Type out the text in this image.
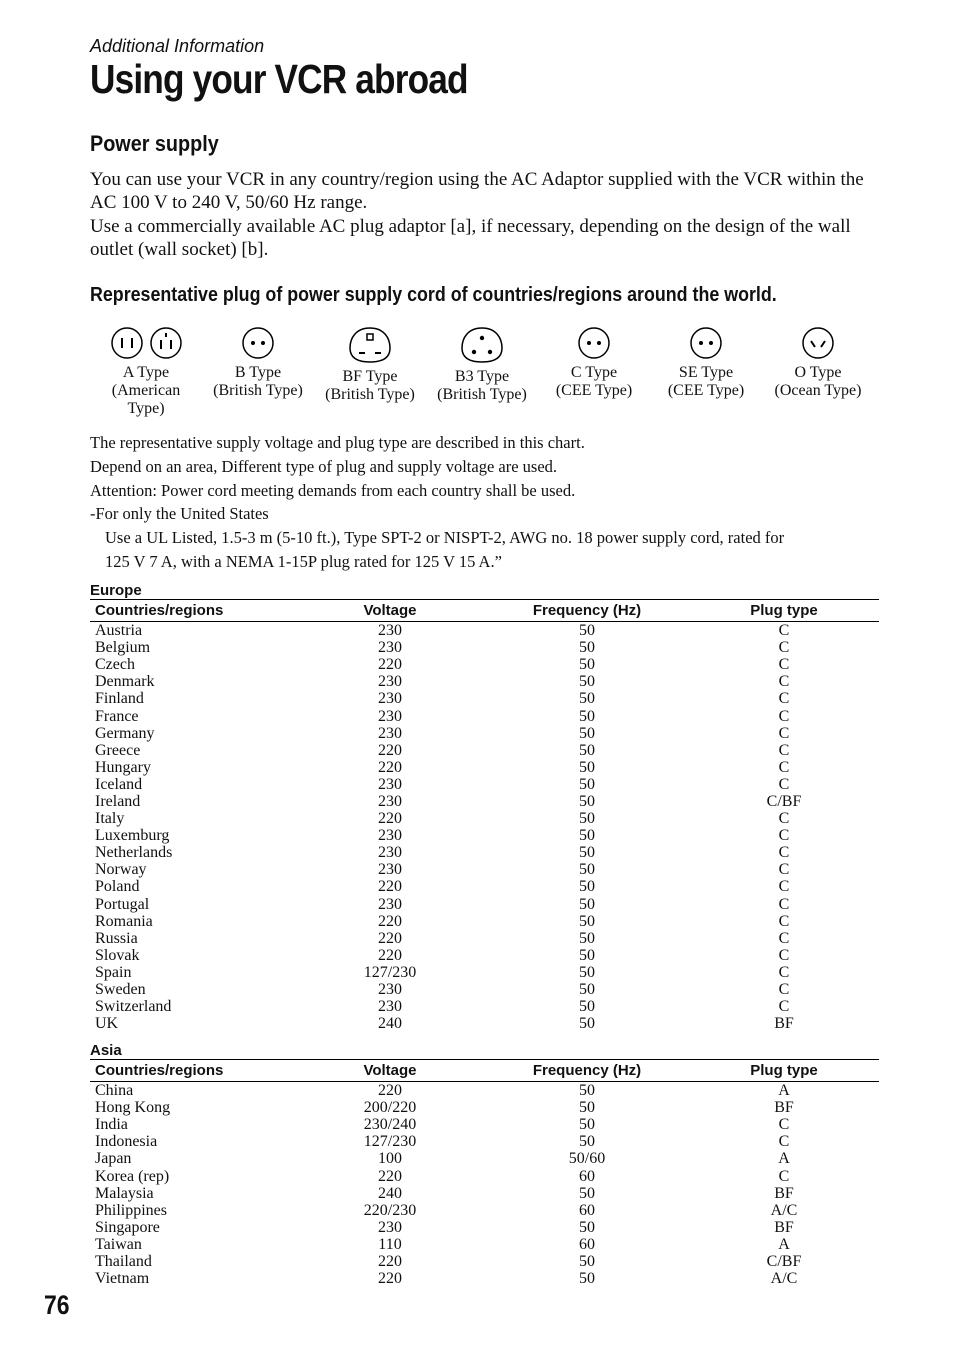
Additional Information
Using your VCR abroad
Power supply
You can use your VCR in any country/region using the AC Adaptor supplied with the VCR within the AC 100 V to 240 V, 50/60 Hz range.
Use a commercially available AC plug adaptor [a], if necessary, depending on the design of the wall outlet (wall socket) [b].
Representative plug of power supply cord of countries/regions around the world.
A Type
(American
Type)
B Type
(British Type)
BF Type
(British Type)
B3 Type
(British Type)
C Type
(CEE Type)
SE Type
(CEE Type)
O Type
(Ocean Type)
The representative supply voltage and plug type are described in this chart.
Depend on an area, Different type of plug and supply voltage are used.
Attention: Power cord meeting demands from each country shall be used.
-For only the United States
Use a UL Listed, 1.5-3 m (5-10 ft.), Type SPT-2 or NISPT-2, AWG no. 18 power supply cord, rated for
125 V 7 A, with a NEMA 1-15P plug rated for 125 V 15 A.”
Europe
Countries/regions	Voltage	Frequency (Hz)	Plug type
Austria	230	50	C
Belgium	230	50	C
Czech	220	50	C
Denmark	230	50	C
Finland	230	50	C
France	230	50	C
Germany	230	50	C
Greece	220	50	C
Hungary	220	50	C
Iceland	230	50	C
Ireland	230	50	C/BF
Italy	220	50	C
Luxemburg	230	50	C
Netherlands	230	50	C
Norway	230	50	C
Poland	220	50	C
Portugal	230	50	C
Romania	220	50	C
Russia	220	50	C
Slovak	220	50	C
Spain	127/230	50	C
Sweden	230	50	C
Switzerland	230	50	C
UK	240	50	BF
Asia
Countries/regions	Voltage	Frequency (Hz)	Plug type
China	220	50	A
Hong Kong	200/220	50	BF
India	230/240	50	C
Indonesia	127/230	50	C
Japan	100	50/60	A
Korea (rep)	220	60	C
Malaysia	240	50	BF
Philippines	220/230	60	A/C
Singapore	230	50	BF
Taiwan	110	60	A
Thailand	220	50	C/BF
Vietnam	220	50	A/C
76
